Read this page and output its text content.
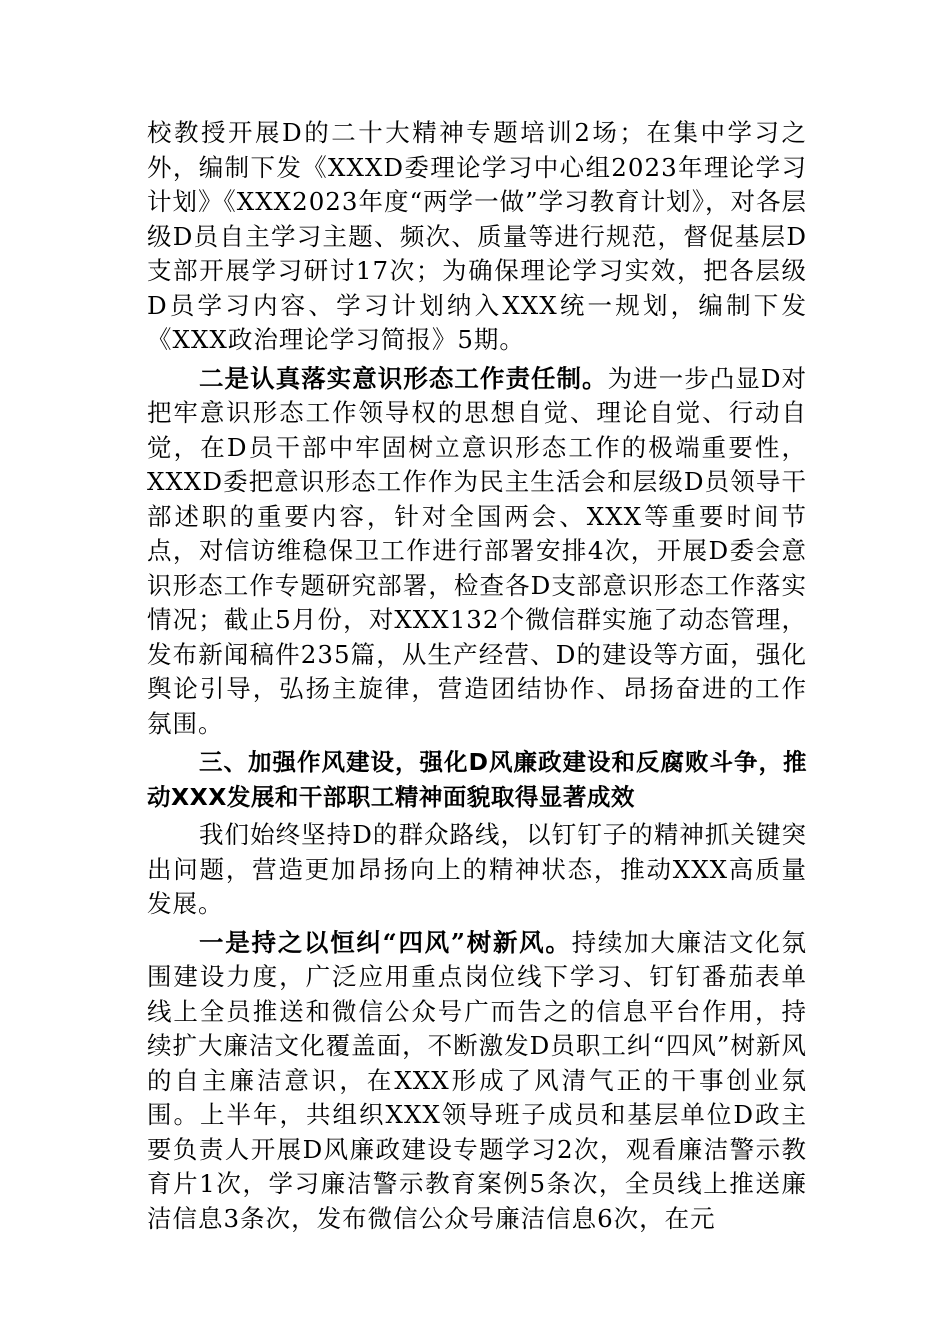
校教授开展D的二十大精神专题培训2场；在集中学习之外，编制下发《XXXD委理论学习中心组2023年理论学习计划》《XXX2023年度“两学一做”学习教育计划》，对各层级D员自主学习主题、频次、质量等进行规范，督促基层D支部开展学习研讨17次；为确保理论学习实效，把各层级D员学习内容、学习计划纳入XXX统一规划，编制下发《XXX政治理论学习简报》5期。

二是认真落实意识形态工作责任制。为进一步凸显D对把牢意识形态工作领导权的思想自觉、理论自觉、行动自觉，在D员干部中牢固树立意识形态工作的极端重要性，XXXD委把意识形态工作作为民主生活会和层级D员领导干部述职的重要内容，针对全国两会、XXX等重要时间节点，对信访维稳保卫工作进行部署安排4次，开展D委会意识形态工作专题研究部署，检查各D支部意识形态工作落实情况；截止5月份，对XXX132个微信群实施了动态管理，发布新闻稿件235篇，从生产经营、D的建设等方面，强化舆论引导，弘扬主旋律，营造团结协作、昂扬奋进的工作氛围。

三、加强作风建设，强化D风廉政建设和反腐败斗争，推动XXX发展和干部职工精神面貌取得显著成效

我们始终坚持D的群众路线，以钉钉子的精神抓关键突出问题，营造更加昂扬向上的精神状态，推动XXX高质量发展。

一是持之以恒纠“四风”树新风。持续加大廉洁文化氛围建设力度，广泛应用重点岗位线下学习、钉钉番茄表单线上全员推送和微信公众号广而告之的信息平台作用，持续扩大廉洁文化覆盖面，不断激发D员职工纠“四风”树新风的自主廉洁意识，在XXX形成了风清气正的干事创业氛围。上半年，共组织XXX领导班子成员和基层单位D政主要负责人开展D风廉政建设专题学习2次，观看廉洁警示教育片1次，学习廉洁警示教育案例5条次，全员线上推送廉洁信息3条次，发布微信公众号廉洁信息6次，在元
